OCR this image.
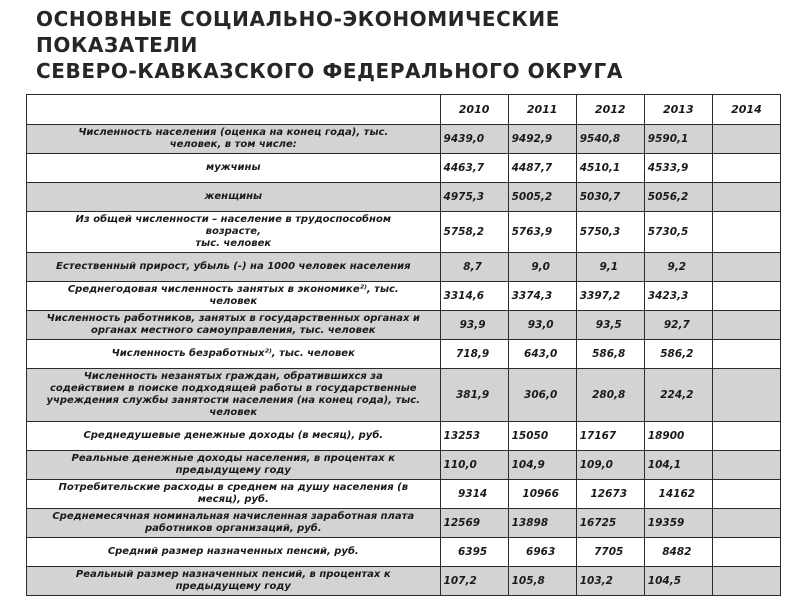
ОСНОВНЫЕ СОЦИАЛЬНО-ЭКОНОМИЧЕСКИЕ
ПОКАЗАТЕЛИ
СЕВЕРО-КАВКАЗСКОГО ФЕДЕРАЛЬНОГО ОКРУГА
	2010	2011	2012	2013	2014
Численность населения (оценка на конец года), тыс.
человек, в том числе:	9439,0	9492,9	9540,8	9590,1	
мужчины	4463,7	4487,7	4510,1	4533,9	
женщины	4975,3	5005,2	5030,7	5056,2	
Из общей численности – население в трудоспособном
возрасте,
тыс. человек	5758,2	5763,9	5750,3	5730,5	
Естественный прирост, убыль (-) на 1000 человек населения	8,7	9,0	9,1	9,2	
Среднегодовая численность занятых в экономике²⁾, тыс.
человек	3314,6	3374,3	3397,2	3423,3	
Численность работников, занятых в государственных органах и
органах местного самоуправления, тыс. человек	93,9	93,0	93,5	92,7	
Численность безработных²⁾, тыс. человек	718,9	643,0	586,8	586,2	
Численность незанятых граждан, обратившихся за
содействием в поиске подходящей работы в государственные
учреждения службы занятости населения (на конец года), тыс.
человек	381,9	306,0	280,8	224,2	
Среднедушевые денежные доходы (в месяц), руб.	13253	15050	17167	18900	
Реальные денежные доходы населения, в процентах к
предыдущему году	110,0	104,9	109,0	104,1	
Потребительские расходы в среднем на душу населения (в
месяц), руб.	9314	10966	12673	14162	
Среднемесячная номинальная начисленная заработная плата
работников организаций, руб.	12569	13898	16725	19359	
Средний размер назначенных пенсий, руб.	6395	6963	7705	8482	
Реальный размер назначенных пенсий, в процентах к
предыдущему году	107,2	105,8	103,2	104,5	
